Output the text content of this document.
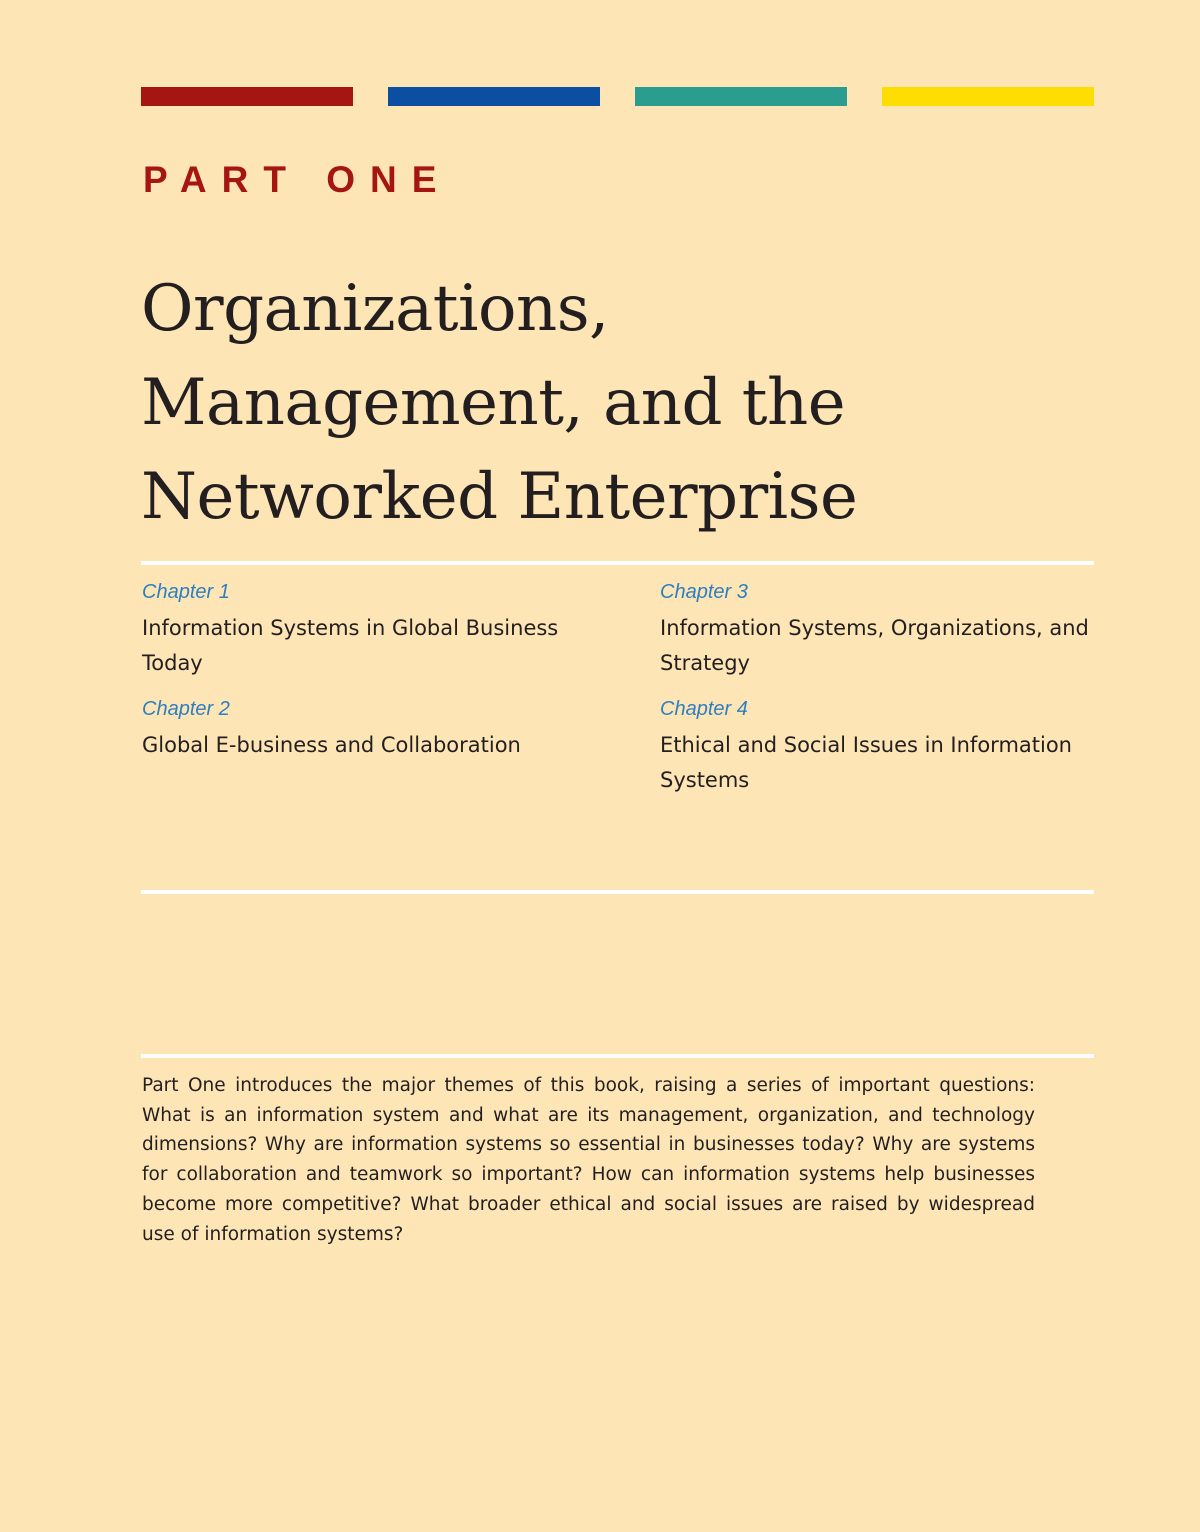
PART ONE
Organizations,
Management, and the
Networked Enterprise
Chapter 1
Information Systems in Global Business Today
Chapter 2
Global E-business and Collaboration
Chapter 3
Information Systems, Organizations, and Strategy
Chapter 4
Ethical and Social Issues in Information Systems

Part One introduces the major themes of this book, raising a series of important questions: What is an information system and what are its management, organization, and technology dimensions? Why are information systems so essential in businesses today? Why are systems for collaboration and teamwork so important? How can information systems help businesses become more competitive? What broader ethical and social issues are raised by widespread use of information systems?
